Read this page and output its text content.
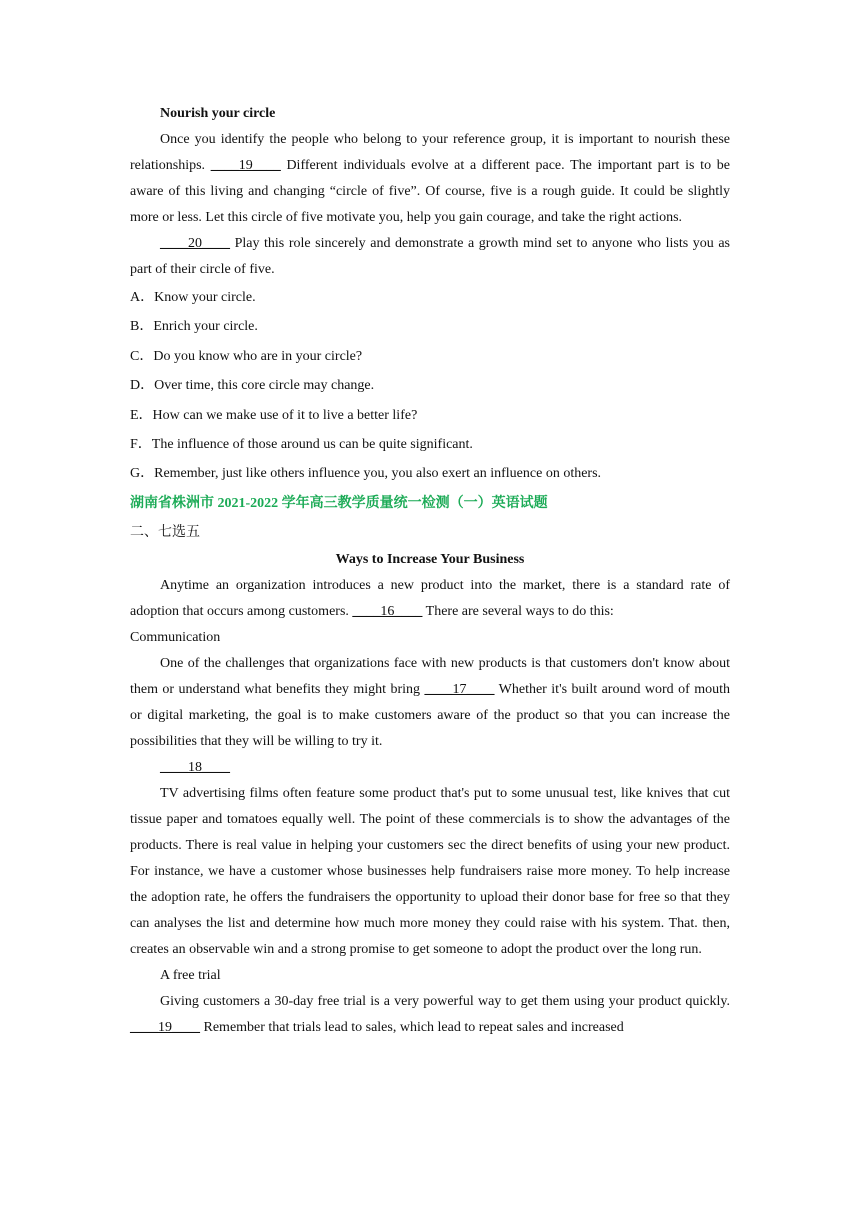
Nourish your circle
Once you identify the people who belong to your reference group, it is important to nourish these relationships. ____19____ Different individuals evolve at a different pace. The important part is to be aware of this living and changing “circle of five”. Of course, five is a rough guide. It could be slightly more or less. Let this circle of five motivate you, help you gain courage, and take the right actions.
____20____ Play this role sincerely and demonstrate a growth mind set to anyone who lists you as part of their circle of five.
A．Know your circle.
B．Enrich your circle.
C．Do you know who are in your circle?
D．Over time, this core circle may change.
E．How can we make use of it to live a better life?
F．The influence of those around us can be quite significant.
G．Remember, just like others influence you, you also exert an influence on others.
湖南省株洲市 2021-2022 学年高三教学质量统一检测（一）英语试题
二、七选五
Ways to Increase Your Business
Anytime an organization introduces a new product into the market, there is a standard rate of adoption that occurs among customers. ____16____ There are several ways to do this:
Communication
One of the challenges that organizations face with new products is that customers don't know about them or understand what benefits they might bring ____17____ Whether it's built around word of mouth or digital marketing, the goal is to make customers aware of the product so that you can increase the possibilities that they will be willing to try it.
____18____
TV advertising films often feature some product that's put to some unusual test, like knives that cut tissue paper and tomatoes equally well. The point of these commercials is to show the advantages of the products. There is real value in helping your customers sec the direct benefits of using your new product. For instance, we have a customer whose businesses help fundraisers raise more money. To help increase the adoption rate, he offers the fundraisers the opportunity to upload their donor base for free so that they can analyses the list and determine how much more money they could raise with his system. That. then, creates an observable win and a strong promise to get someone to adopt the product over the long run.
A free trial
Giving customers a 30-day free trial is a very powerful way to get them using your product quickly. ____19____ Remember that trials lead to sales, which lead to repeat sales and increased
